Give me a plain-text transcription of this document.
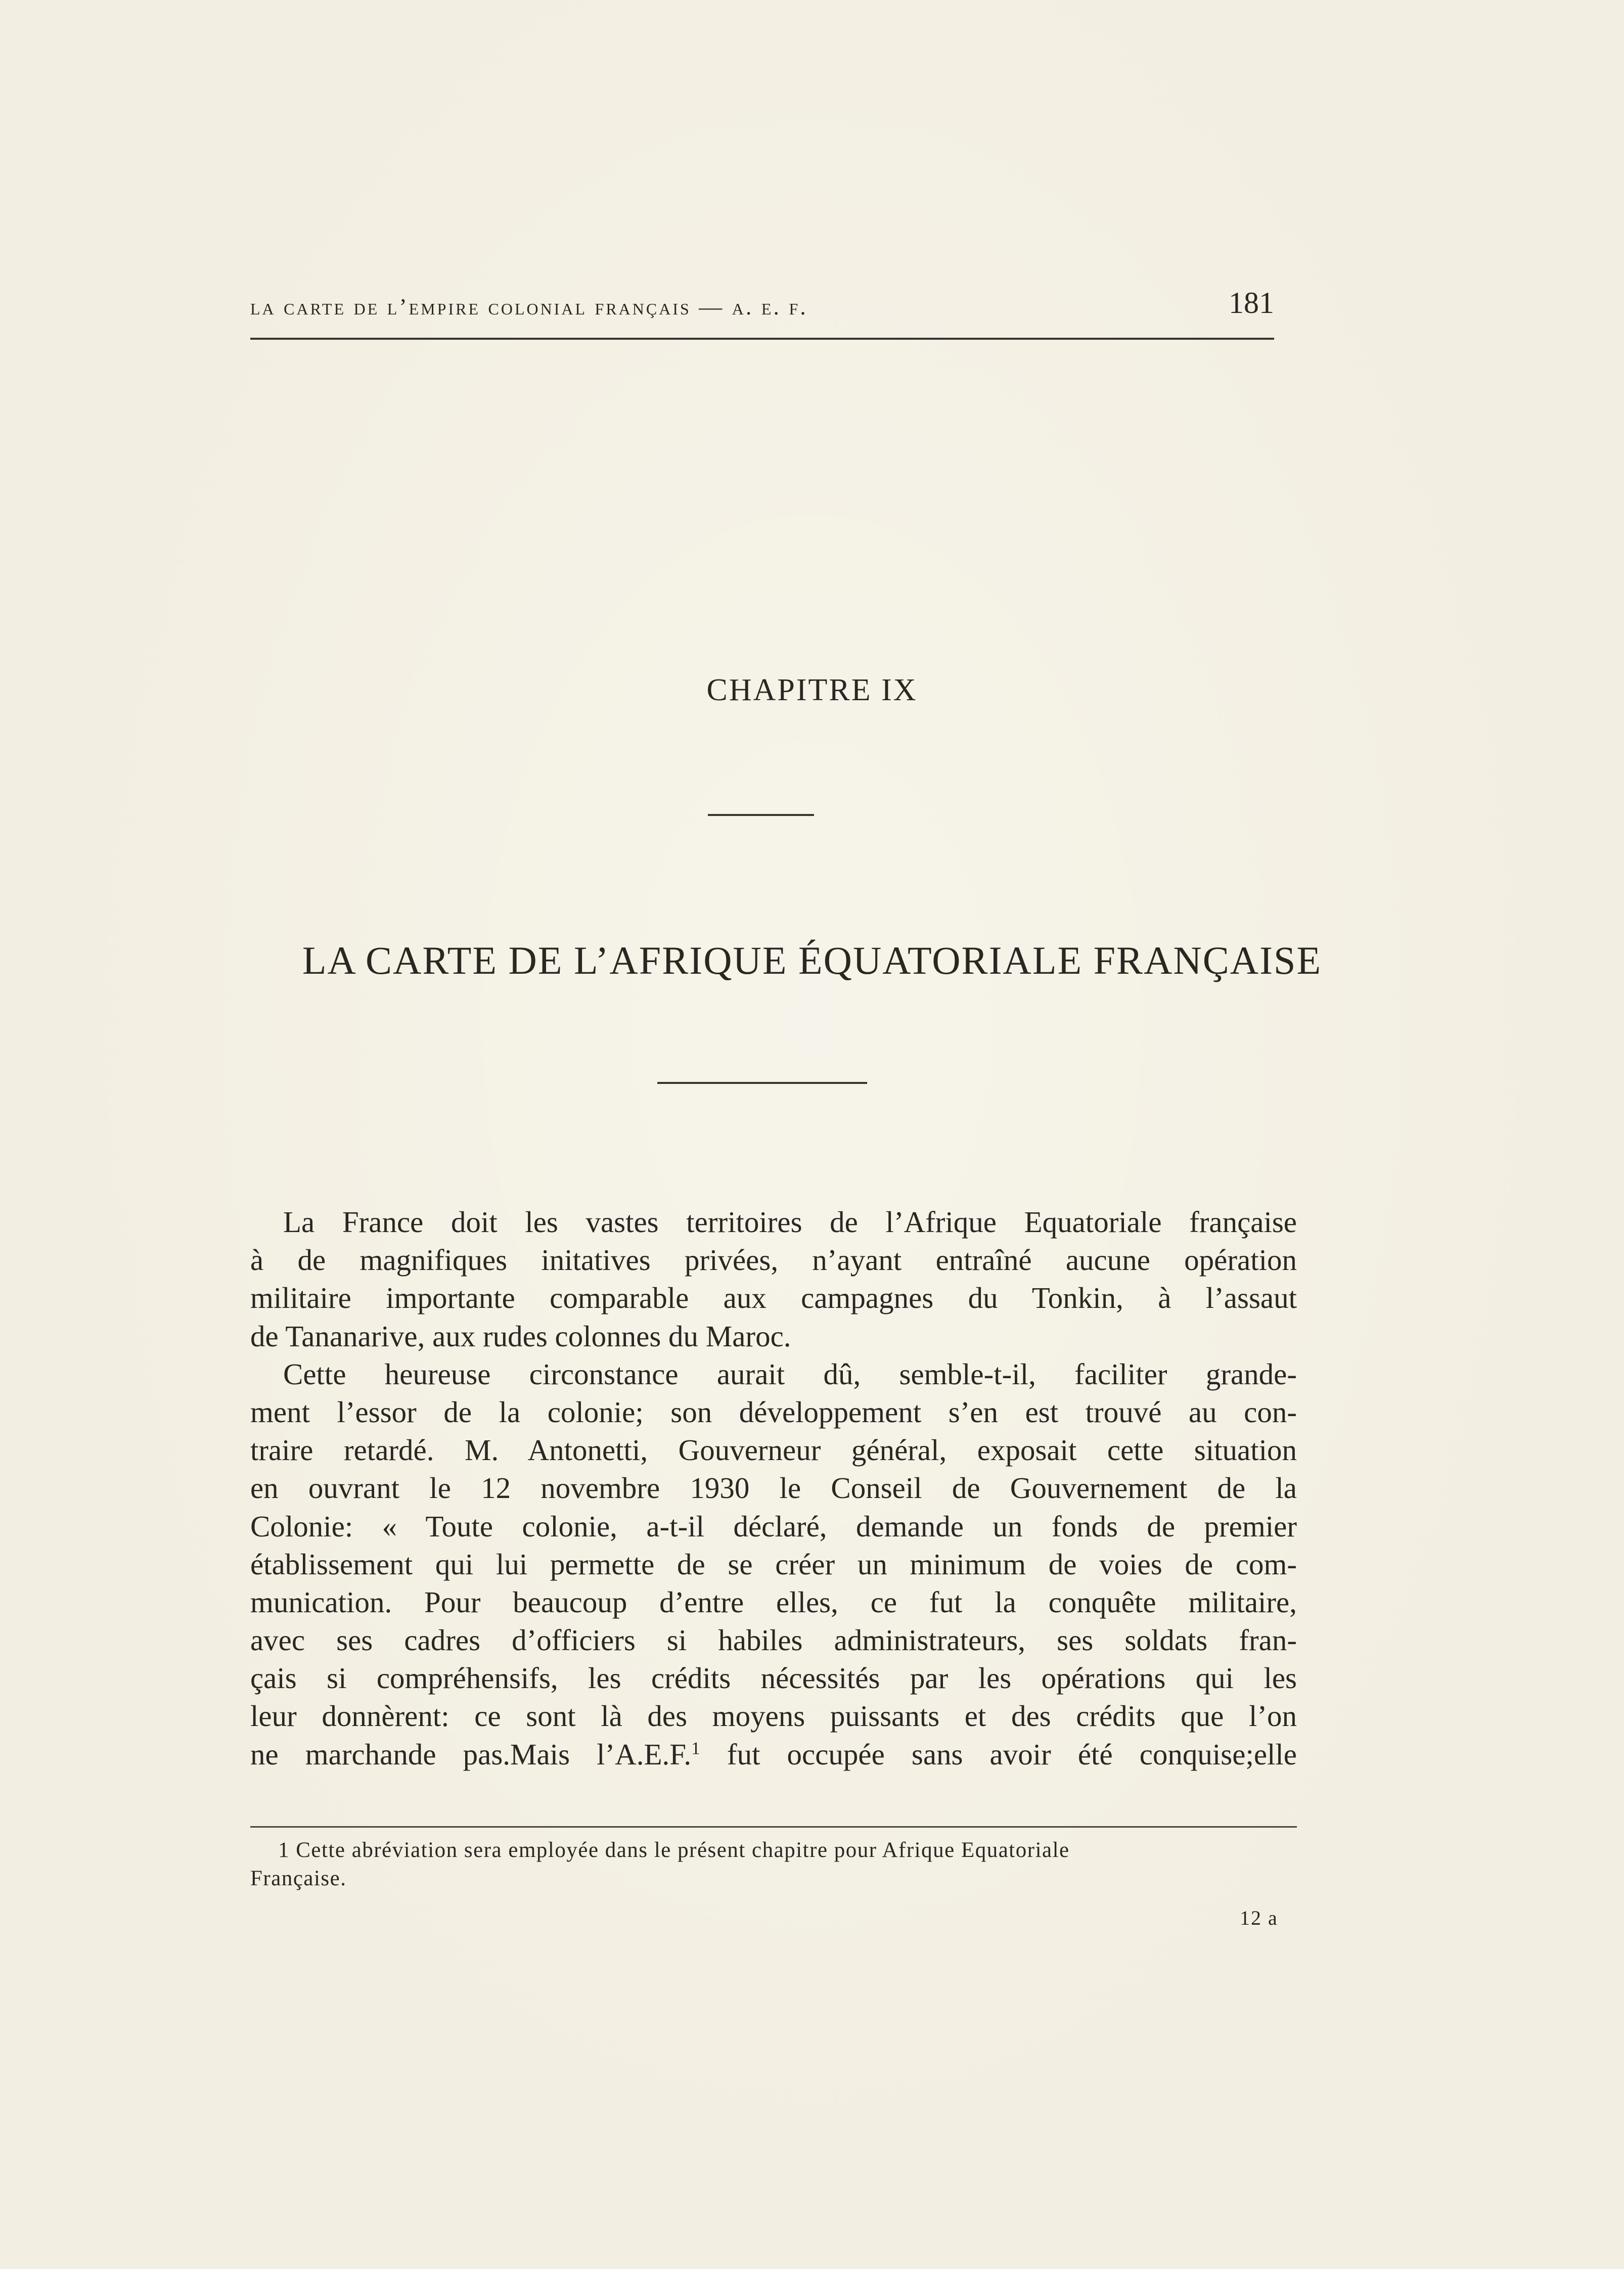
la carte de l’empire colonial français — a. e. f.	181
CHAPITRE IX
LA CARTE DE L’AFRIQUE ÉQUATORIALE FRANÇAISE
La France doit les vastes territoires de l’Afrique Equatoriale française
à de magnifiques initatives privées, n’ayant entraîné aucune opération
militaire importante comparable aux campagnes du Tonkin, à l’assaut
de Tananarive, aux rudes colonnes du Maroc.
Cette heureuse circonstance aurait dû, semble-t-il, faciliter grande-
ment l’essor de la colonie; son développement s’en est trouvé au con-
traire retardé. M. Antonetti, Gouverneur général, exposait cette situation
en ouvrant le 12 novembre 1930 le Conseil de Gouvernement de la
Colonie: « Toute colonie, a-t-il déclaré, demande un fonds de premier
établissement qui lui permette de se créer un minimum de voies de com-
munication. Pour beaucoup d’entre elles, ce fut la conquête militaire,
avec ses cadres d’officiers si habiles administrateurs, ses soldats fran-
çais si compréhensifs, les crédits nécessités par les opérations qui les
leur donnèrent: ce sont là des moyens puissants et des crédits que l’on
ne marchande pas.Mais l’A.E.F.$^1$ fut occupée sans avoir été conquise;elle
1 Cette abréviation sera employée dans le présent chapitre pour Afrique Equatoriale
Française.
12 a
